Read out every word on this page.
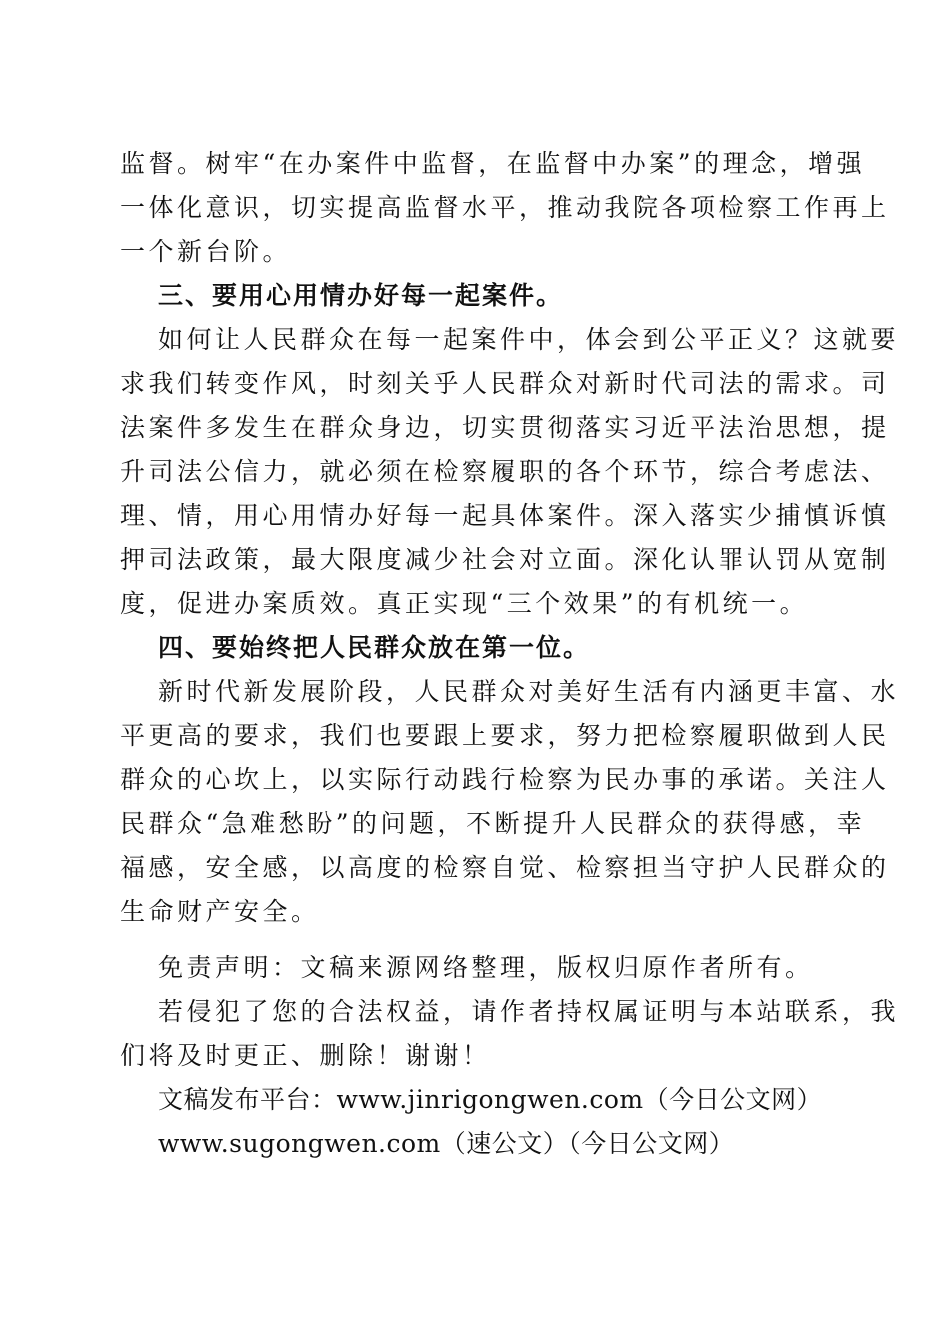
监督。树牢“在办案件中监督，在监督中办案”的理念，增强
一体化意识，切实提高监督水平，推动我院各项检察工作再上
一个新台阶。
三、要用心用情办好每一起案件。
如何让人民群众在每一起案件中，体会到公平正义？这就要
求我们转变作风，时刻关乎人民群众对新时代司法的需求。司
法案件多发生在群众身边，切实贯彻落实习近平法治思想，提
升司法公信力，就必须在检察履职的各个环节，综合考虑法、
理、情，用心用情办好每一起具体案件。深入落实少捕慎诉慎
押司法政策，最大限度减少社会对立面。深化认罪认罚从宽制
度，促进办案质效。真正实现“三个效果”的有机统一。
四、要始终把人民群众放在第一位。
新时代新发展阶段，人民群众对美好生活有内涵更丰富、水
平更高的要求，我们也要跟上要求，努力把检察履职做到人民
群众的心坎上，以实际行动践行检察为民办事的承诺。关注人
民群众“急难愁盼”的问题，不断提升人民群众的获得感，幸
福感，安全感，以高度的检察自觉、检察担当守护人民群众的
生命财产安全。
免责声明：文稿来源网络整理，版权归原作者所有。
若侵犯了您的合法权益，请作者持权属证明与本站联系，我
们将及时更正、删除！谢谢！
文稿发布平台：www.jinrigongwen.com（今日公文网）
www.sugongwen.com（速公文）（今日公文网）
